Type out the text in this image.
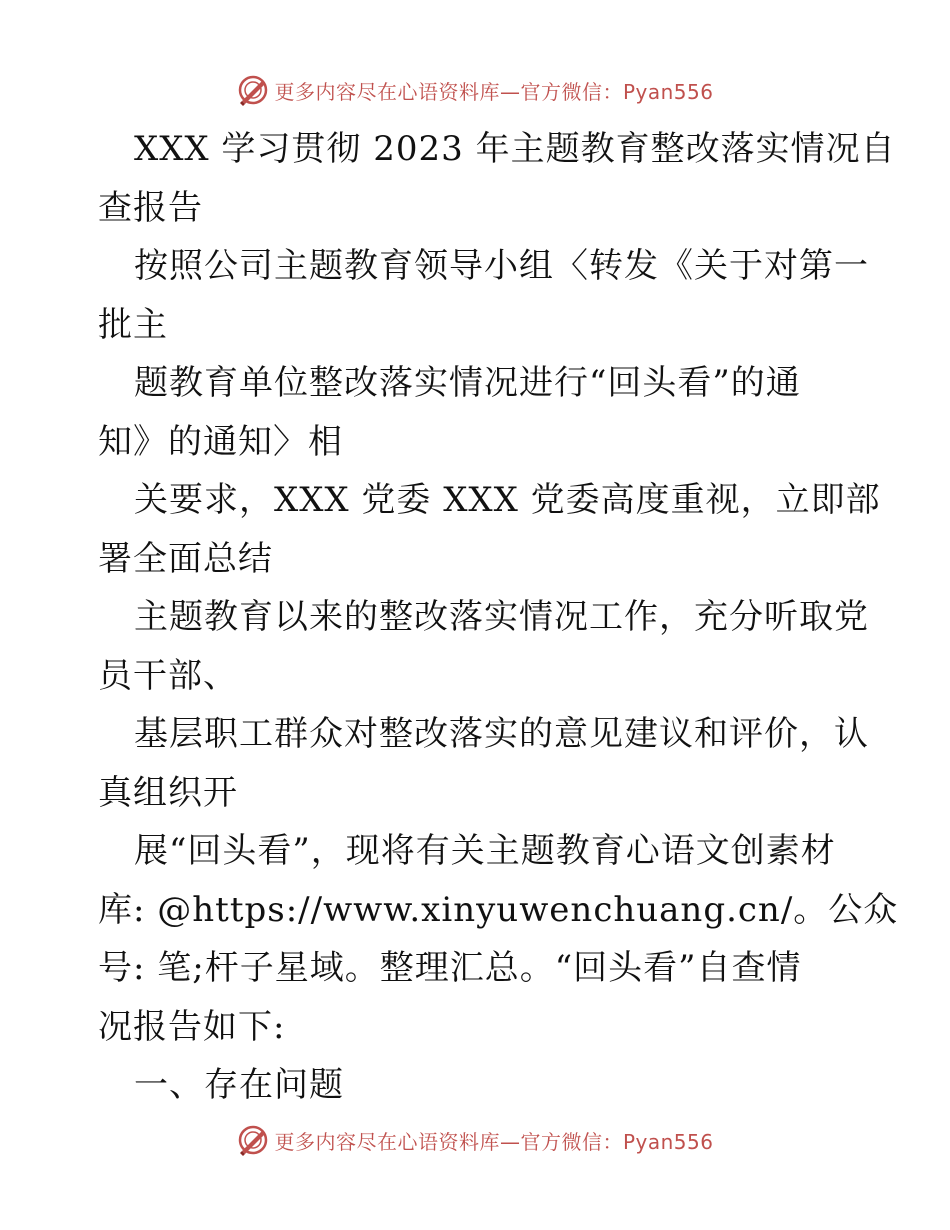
更多内容尽在心语资料库—官方微信：Pyan556
XXX 学习贯彻 2023 年主题教育整改落实情况自
查报告
按照公司主题教育领导小组〈转发《关于对第一
批主
题教育单位整改落实情况进行“回头看”的通
知》的通知〉相
关要求，XXX 党委 XXX 党委高度重视，立即部
署全面总结
主题教育以来的整改落实情况工作，充分听取党
员干部、
基层职工群众对整改落实的意见建议和评价，认
真组织开
展“回头看”，现将有关主题教育心语文创素材
库: @https://www.xinyuwenchuang.cn/。公众
号: 笔;杆子星域。整理汇总。“回头看”自查情
况报告如下:
一、存在问题
更多内容尽在心语资料库—官方微信：Pyan556
